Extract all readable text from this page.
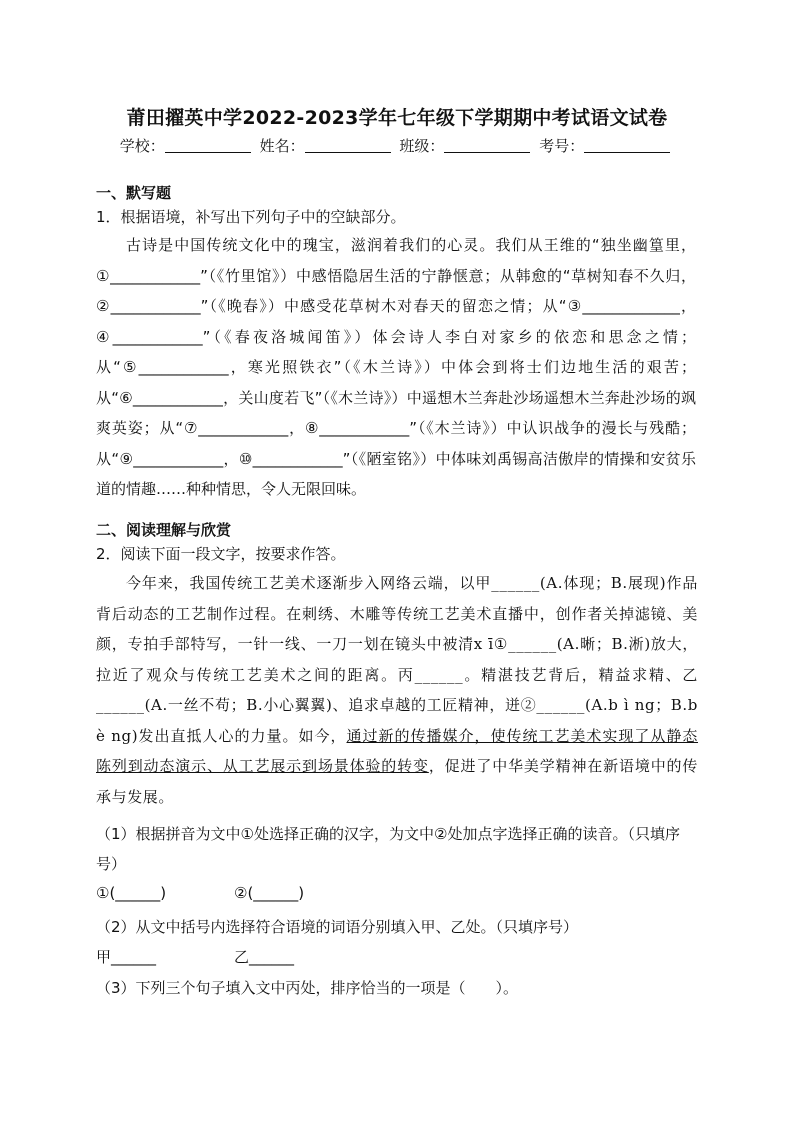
莆田擢英中学2022-2023学年七年级下学期期中考试语文试卷
学校：	姓名：	班级：	考号：
一、默写题
1．根据语境，补写出下列句子中的空缺部分。
古诗是中国传统文化中的瑰宝，滋润着我们的心灵。我们从王维的“独坐幽篁里，①____________”（《竹里馆》）中感悟隐居生活的宁静惬意；从韩愈的“草树知春不久归，②____________”（《晚春》）中感受花草树木对春天的留恋之情；从“③_____________，④____________”（《春夜洛城闻笛》）体会诗人李白对家乡的依恋和思念之情；从“⑤____________，寒光照铁衣”（《木兰诗》）中体会到将士们边地生活的艰苦；从“⑥____________，关山度若飞”（《木兰诗》）中遥想木兰奔赴沙场遥想木兰奔赴沙场的飒爽英姿；从“⑦____________，⑧____________”（《木兰诗》）中认识战争的漫长与残酷；从“⑨____________，⑩____________”（《陋室铭》）中体味刘禹锡高洁傲岸的情操和安贫乐道的情趣……种种情思，令人无限回味。
二、阅读理解与欣赏
2．阅读下面一段文字，按要求作答。
今年来，我国传统工艺美术逐渐步入网络云端，以甲______(A.体现；B.展现)作品背后动态的工艺制作过程。在刺绣、木雕等传统工艺美术直播中，创作者关掉滤镜、美颜，专拍手部特写，一针一线、一刀一划在镜头中被清x ī①______(A.晰；B.淅)放大，拉近了观众与传统工艺美术之间的距离。丙______。精湛技艺背后，精益求精、乙______(A.一丝不苟；B.小心翼翼)、追求卓越的工匠精神，迸②______(A.b ì ng；B.b è ng)发出直抵人心的力量。如今，通过新的传播媒介，使传统工艺美术实现了从静态陈列到动态演示、从工艺展示到场景体验的转变，促进了中华美学精神在新语境中的传承与发展。
（1）根据拼音为文中①处选择正确的汉字，为文中②处加点字选择正确的读音。（只填序号）
①(______)	②(______)
（2）从文中括号内选择符合语境的词语分别填入甲、乙处。（只填序号）
甲______	乙______
（3）下列三个句子填入文中丙处，排序恰当的一项是（　　）。
